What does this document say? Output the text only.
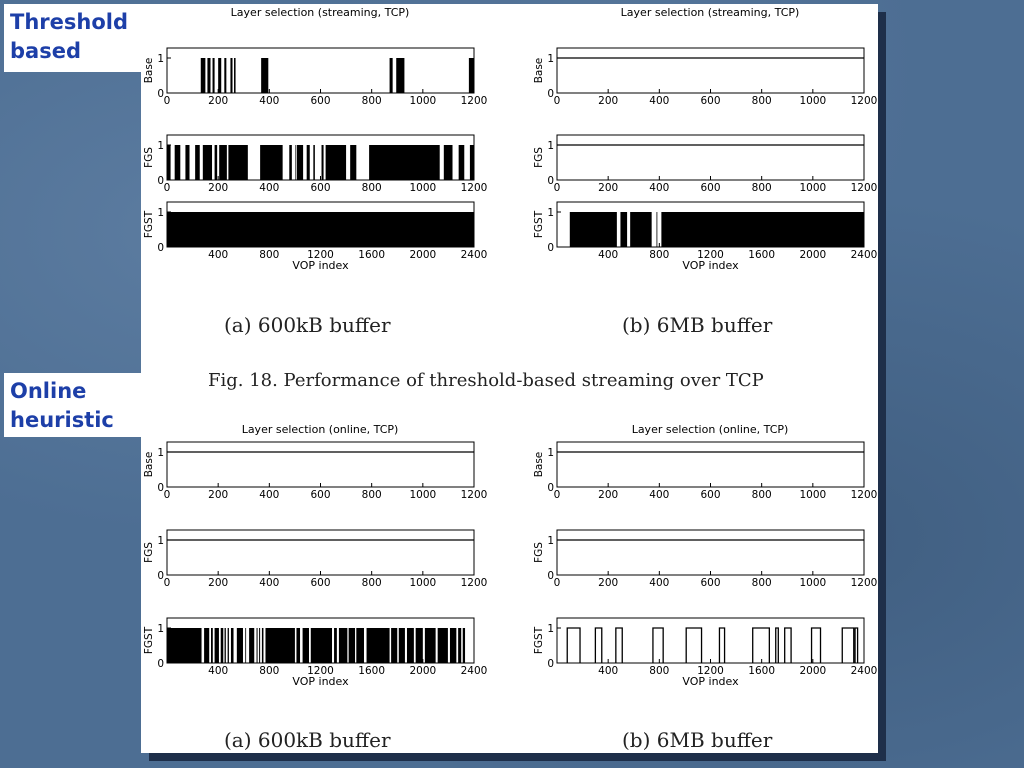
Threshold
based
Online
heuristic
Layer selection (streaming, TCP)
0
1
Base
0	200	400	600	800	1000 1200
0
1
FGS
0	200	400	600	800	1000 1200
0
1
FGST
400	800	1200 1600 2000 2400
VOP index
Layer selection (streaming, TCP)
0
1
Base
0	200	400	600	800	1000 1200
0
1
FGS
0	200	400	600	800	1000 1200
0
1
FGST
400	800	1200 1600 2000 2400
VOP index
Layer selection (online, TCP)
0
1
Base
0	200	400	600	800	1000 1200
0
1
FGS
0	200	400	600	800	1000 1200
0
1
FGST
400	800	1200 1600 2000 2400
VOP index
Layer selection (online, TCP)
0
1
Base
0	200	400	600	800	1000 1200
0
1
FGS
0	200	400	600	800	1000 1200
0
1
FGST
400	800	1200 1600 2000 2400
VOP index
(a) 600kB buffer	(b) 6MB buffer
Fig. 18. Performance of threshold-based streaming over TCP
(a) 600kB buffer	(b) 6MB buffer
